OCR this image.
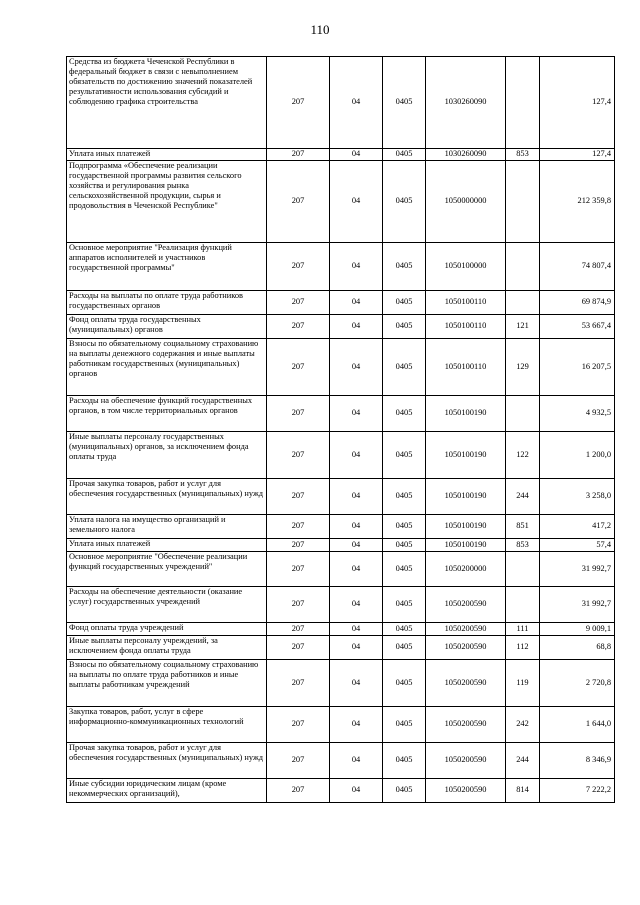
110
Средства из бюджета Чеченской Республики в федеральный бюджет в связи с невыполнением обязательств по достижению значений показателей результативности использования субсидий и соблюдению графика строительства	207	04	0405	1030260090		127,4
Уплата иных платежей	207	04	0405	1030260090	853	127,4
Подпрограмма «Обеспечение реализации государственной программы развития сельского хозяйства и регулирования рынка сельскохозяйственной продукции, сырья и продовольствия в Чеченской Республике"	207	04	0405	1050000000		212 359,8
Основное мероприятие "Реализация функций аппаратов исполнителей и участников государственной программы"	207	04	0405	1050100000		74 807,4
Расходы на выплаты по оплате труда работников государственных органов	207	04	0405	1050100110		69 874,9
Фонд оплаты труда государственных (муниципальных) органов	207	04	0405	1050100110	121	53 667,4
Взносы по обязательному социальному страхованию на выплаты денежного содержания и иные выплаты работникам государственных (муниципальных) органов	207	04	0405	1050100110	129	16 207,5
Расходы на обеспечение функций государственных органов, в том числе территориальных органов	207	04	0405	1050100190		4 932,5
Иные выплаты персоналу государственных (муниципальных) органов, за исключением фонда оплаты труда	207	04	0405	1050100190	122	1 200,0
Прочая закупка товаров, работ и услуг для обеспечения государственных (муниципальных) нужд	207	04	0405	1050100190	244	3 258,0
Уплата налога на имущество организаций и земельного налога	207	04	0405	1050100190	851	417,2
Уплата иных платежей	207	04	0405	1050100190	853	57,4
Основное мероприятие "Обеспечение реализации функций государственных учреждений"	207	04	0405	1050200000		31 992,7
Расходы на обеспечение деятельности (оказание услуг) государственных учреждений	207	04	0405	1050200590		31 992,7
Фонд оплаты труда учреждений	207	04	0405	1050200590	111	9 009,1
Иные выплаты персоналу учреждений, за исключением фонда оплаты труда	207	04	0405	1050200590	112	68,8
Взносы по обязательному социальному страхованию на выплаты по оплате труда работников и иные выплаты работникам учреждений	207	04	0405	1050200590	119	2 720,8
Закупка товаров, работ, услуг в сфере информационно-коммуникационных технологий	207	04	0405	1050200590	242	1 644,0
Прочая закупка товаров, работ и услуг для обеспечения государственных (муниципальных) нужд	207	04	0405	1050200590	244	8 346,9
Иные субсидии юридическим лицам (кроме некоммерческих организаций),	207	04	0405	1050200590	814	7 222,2
